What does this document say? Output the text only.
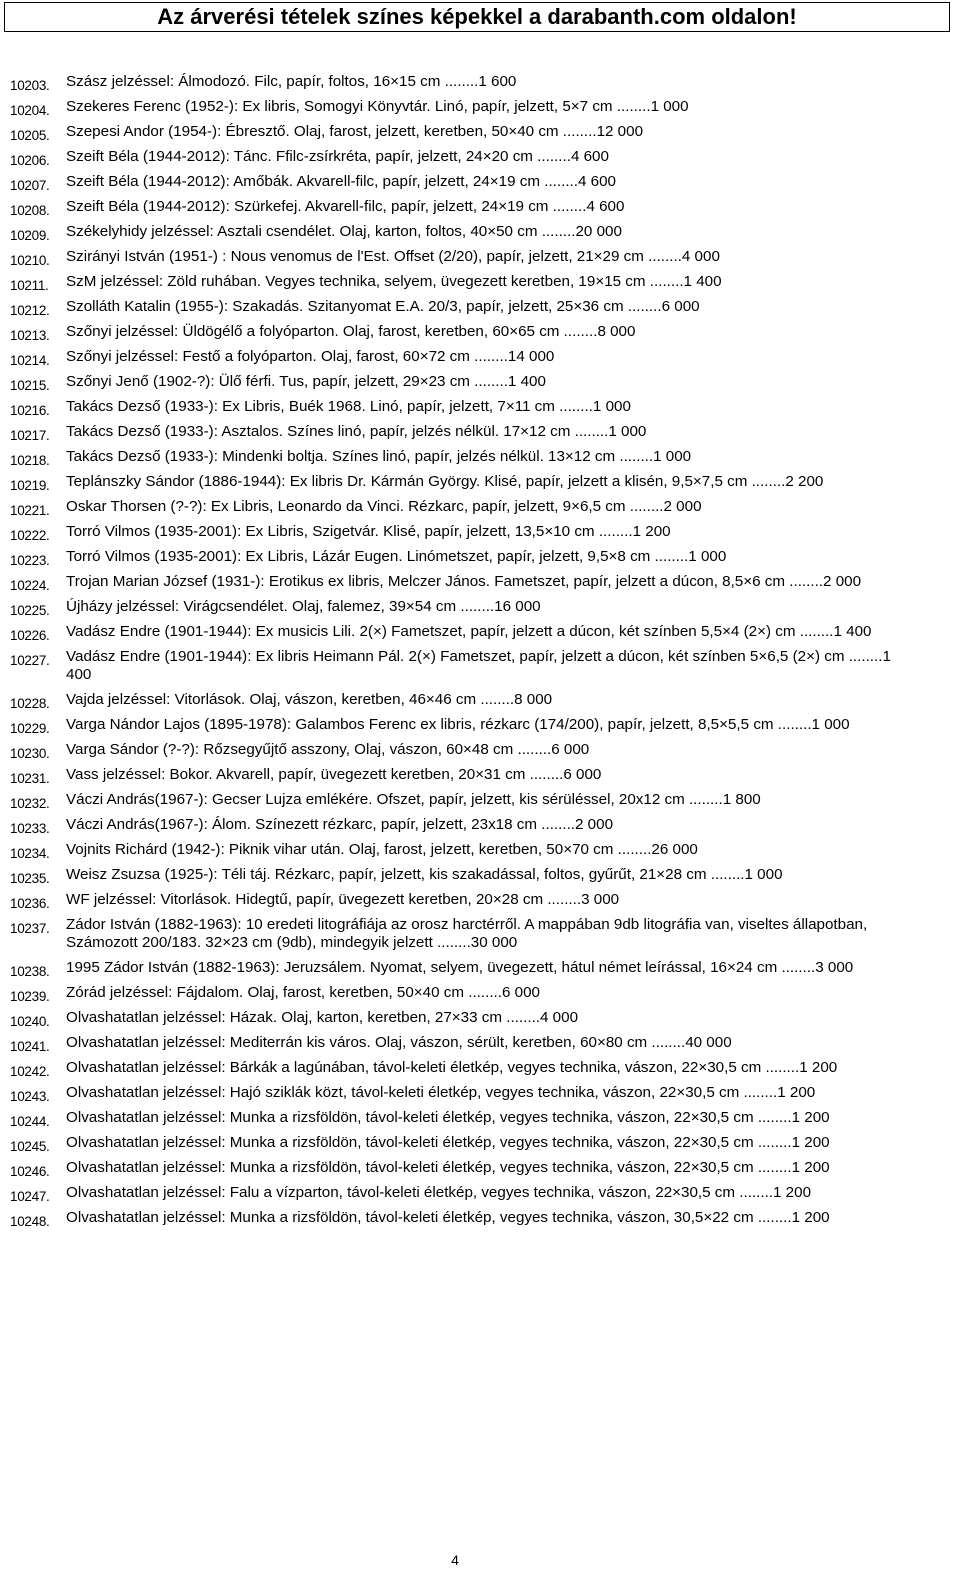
Az árverési tételek színes képekkel a darabanth.com oldalon!
10203. Szász jelzéssel: Álmodozó. Filc, papír, foltos, 16×15 cm ........1 600
10204. Szekeres Ferenc (1952-): Ex libris, Somogyi Könyvtár. Linó, papír, jelzett, 5×7 cm ........1 000
10205. Szepesi Andor (1954-): Ébresztő. Olaj, farost, jelzett, keretben, 50×40 cm ........12 000
10206. Szeift Béla (1944-2012): Tánc. Ffilc-zsírkréta, papír, jelzett, 24×20 cm ........4 600
10207. Szeift Béla (1944-2012): Amőbák. Akvarell-filc, papír, jelzett, 24×19 cm ........4 600
10208. Szeift Béla (1944-2012): Szürkefej. Akvarell-filc, papír, jelzett, 24×19 cm ........4 600
10209. Székelyhidy jelzéssel: Asztali csendélet. Olaj, karton, foltos, 40×50 cm ........20 000
10210. Szirányi István (1951-) : Nous venomus de l'Est. Offset (2/20), papír, jelzett, 21×29 cm ........4 000
10211. SzM jelzéssel: Zöld ruhában. Vegyes technika, selyem, üvegezett keretben, 19×15 cm ........1 400
10212. Szolláth Katalin (1955-): Szakadás. Szitanyomat E.A. 20/3, papír, jelzett, 25×36 cm ........6 000
10213. Szőnyi jelzéssel: Üldögélő a folyóparton. Olaj, farost, keretben, 60×65 cm ........8 000
10214. Szőnyi jelzéssel: Festő a folyóparton. Olaj, farost, 60×72 cm ........14 000
10215. Szőnyi Jenő (1902-?): Ülő férfi. Tus, papír, jelzett, 29×23 cm ........1 400
10216. Takács Dezső (1933-): Ex Libris, Buék 1968. Linó, papír, jelzett, 7×11 cm ........1 000
10217. Takács Dezső (1933-): Asztalos. Színes linó, papír, jelzés nélkül. 17×12 cm ........1 000
10218. Takács Dezső (1933-): Mindenki boltja. Színes linó, papír, jelzés nélkül. 13×12 cm ........1 000
10219. Teplánszky Sándor (1886-1944): Ex libris Dr. Kármán György. Klisé, papír, jelzett a klisén, 9,5×7,5 cm ........2 200
10221. Oskar Thorsen (?-?): Ex Libris, Leonardo da Vinci. Rézkarc, papír, jelzett, 9×6,5 cm ........2 000
10222. Torró Vilmos (1935-2001): Ex Libris, Szigetvár. Klisé, papír, jelzett, 13,5×10 cm ........1 200
10223. Torró Vilmos (1935-2001): Ex Libris, Lázár Eugen. Linómetszet, papír, jelzett, 9,5×8 cm ........1 000
10224. Trojan Marian József (1931-): Erotikus ex libris, Melczer János. Fametszet, papír, jelzett a dúcon, 8,5×6 cm ........2 000
10225. Újházy jelzéssel: Virágcsendélet. Olaj, falemez, 39×54 cm ........16 000
10226. Vadász Endre (1901-1944): Ex musicis Lili. 2(×) Fametszet, papír, jelzett a dúcon, két színben 5,5×4 (2×) cm ........1 400
10227. Vadász Endre (1901-1944): Ex libris Heimann Pál. 2(×) Fametszet, papír, jelzett a dúcon, két színben 5×6,5 (2×) cm ........1 400
10228. Vajda jelzéssel: Vitorlások. Olaj, vászon, keretben, 46×46 cm ........8 000
10229. Varga Nándor Lajos (1895-1978): Galambos Ferenc ex libris, rézkarc (174/200), papír, jelzett, 8,5×5,5 cm ........1 000
10230. Varga Sándor (?-?): Rőzsegyűjtő asszony, Olaj, vászon, 60×48 cm ........6 000
10231. Vass jelzéssel: Bokor. Akvarell, papír, üvegezett keretben, 20×31 cm ........6 000
10232. Váczi András(1967-): Gecser Lujza emlékére. Ofszet, papír, jelzett, kis sérüléssel, 20x12 cm ........1 800
10233. Váczi András(1967-): Álom. Színezett rézkarc, papír, jelzett, 23x18 cm ........2 000
10234. Vojnits Richárd (1942-): Piknik vihar után. Olaj, farost, jelzett, keretben, 50×70 cm ........26 000
10235. Weisz Zsuzsa (1925-): Téli táj. Rézkarc, papír, jelzett, kis szakadással, foltos, gyűrűt, 21×28 cm ........1 000
10236. WF jelzéssel: Vitorlások. Hidegtű, papír, üvegezett keretben, 20×28 cm ........3 000
10237. Zádor István (1882-1963): 10 eredeti litográfiája az orosz harctérről. A mappában 9db litográfia van, viseltes állapotban, Számozott 200/183. 32×23 cm (9db), mindegyik jelzett ........30 000
10238. 1995 Zádor István (1882-1963): Jeruzsálem. Nyomat, selyem, üvegezett, hátul német leírással, 16×24 cm ........3 000
10239. Zórád jelzéssel: Fájdalom. Olaj, farost, keretben, 50×40 cm ........6 000
10240. Olvashatatlan jelzéssel: Házak. Olaj, karton, keretben, 27×33 cm ........4 000
10241. Olvashatatlan jelzéssel: Mediterrán kis város. Olaj, vászon, sérült, keretben, 60×80 cm ........40 000
10242. Olvashatatlan jelzéssel: Bárkák a lagúnában, távol-keleti életkép, vegyes technika, vászon, 22×30,5 cm ........1 200
10243. Olvashatatlan jelzéssel: Hajó sziklák közt, távol-keleti életkép, vegyes technika, vászon, 22×30,5 cm ........1 200
10244. Olvashatatlan jelzéssel: Munka a rizsföldön, távol-keleti életkép, vegyes technika, vászon, 22×30,5 cm ........1 200
10245. Olvashatatlan jelzéssel: Munka a rizsföldön, távol-keleti életkép, vegyes technika, vászon, 22×30,5 cm ........1 200
10246. Olvashatatlan jelzéssel: Munka a rizsföldön, távol-keleti életkép, vegyes technika, vászon, 22×30,5 cm ........1 200
10247. Olvashatatlan jelzéssel: Falu a vízparton, távol-keleti életkép, vegyes technika, vászon, 22×30,5 cm ........1 200
10248. Olvashatatlan jelzéssel: Munka a rizsföldön, távol-keleti életkép, vegyes technika, vászon, 30,5×22 cm ........1 200
4
